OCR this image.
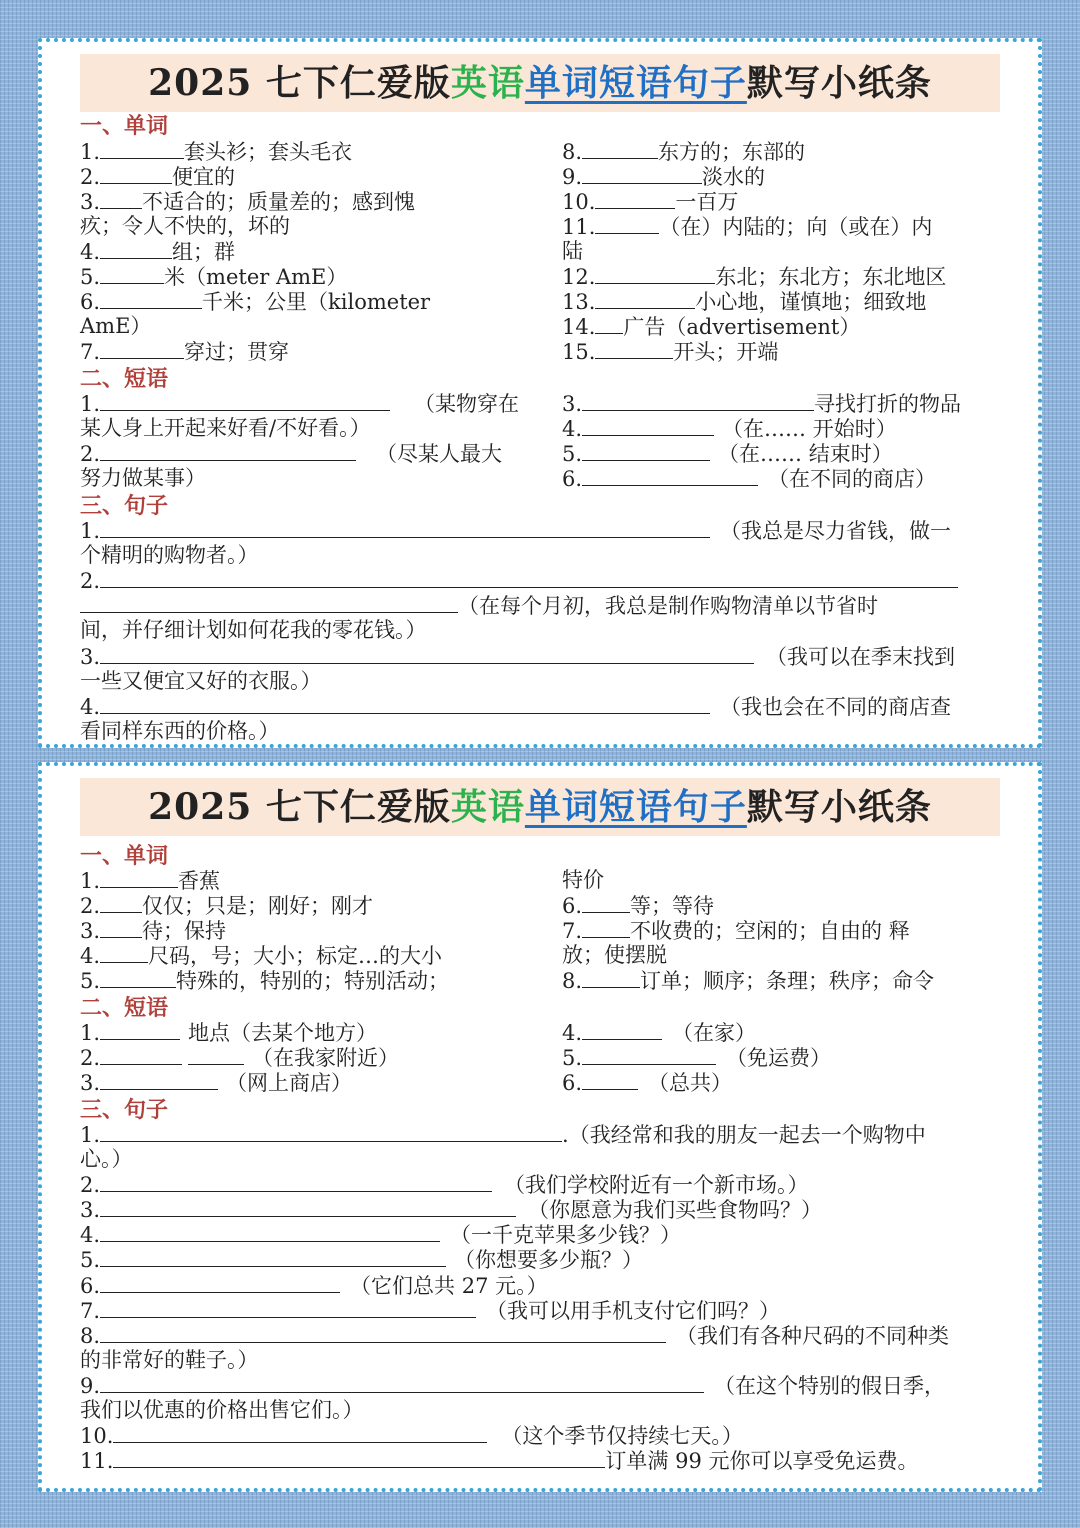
2025 七下仁爱版英语单词短语句子默写小纸条
一、单词
1.	套头衫；套头毛衣
2.	便宜的
3. 不适合的；质量差的；感到愧
疚；令人不快的，坏的
4.	组；群
5.	米（meter AmE）
6.	千米；公里（kilometer
AmE）
7.	穿过；贯穿
8.	东方的；东部的
9.	淡水的
10.	一百万
11.	（在）内陆的；向（或在）内
陆
12.	东北；东北方；东北地区
13.	小心地，谨慎地；细致地
14. 广告（advertisement）
15.	开头；开端
二、短语
1.	（某物穿在
某人身上开起来好看/不好看。）
2.	（尽某人最大
努力做某事）
3.	寻找打折的物品
4.	（在…… 开始时）
5.	（在…… 结束时）
6.	（在不同的商店）
三、句子
1.	（我总是尽力省钱，做一
个精明的购物者。）
2.
（在每个月初，我总是制作购物清单以节省时
间，并仔细计划如何花我的零花钱。）
3.	（我可以在季末找到
一些又便宜又好的衣服。）
4.	（我也会在不同的商店查
看同样东西的价格。）
2025 七下仁爱版英语单词短语句子默写小纸条
一、单词
1.	香蕉
2. 仅仅；只是；刚好；刚才
3. 待；保持
4. 尺码，号；大小；标定…的大小
5.	特殊的，特别的；特别活动；
特价
6. 等；等待
7. 不收费的；空闲的；自由的 释
放；使摆脱
8.	订单；顺序；条理；秩序；命令
二、短语
1.	地点（去某个地方）
2.	（在我家附近）
3.	（网上商店）
4.	（在家）
5.	（免运费）
6.	（总共）
三、句子
1.	.（我经常和我的朋友一起去一个购物中
心。）
2.	（我们学校附近有一个新市场。）
3.	（你愿意为我们买些食物吗？）
4.	（一千克苹果多少钱？）
5.	（你想要多少瓶？）
6.	（它们总共 27 元。）
7.	（我可以用手机支付它们吗？）
8.	（我们有各种尺码的不同种类
的非常好的鞋子。）
9.	（在这个特别的假日季，
我们以优惠的价格出售它们。）
10.	（这个季节仅持续七天。）
11.	订单满 99 元你可以享受免运费。
